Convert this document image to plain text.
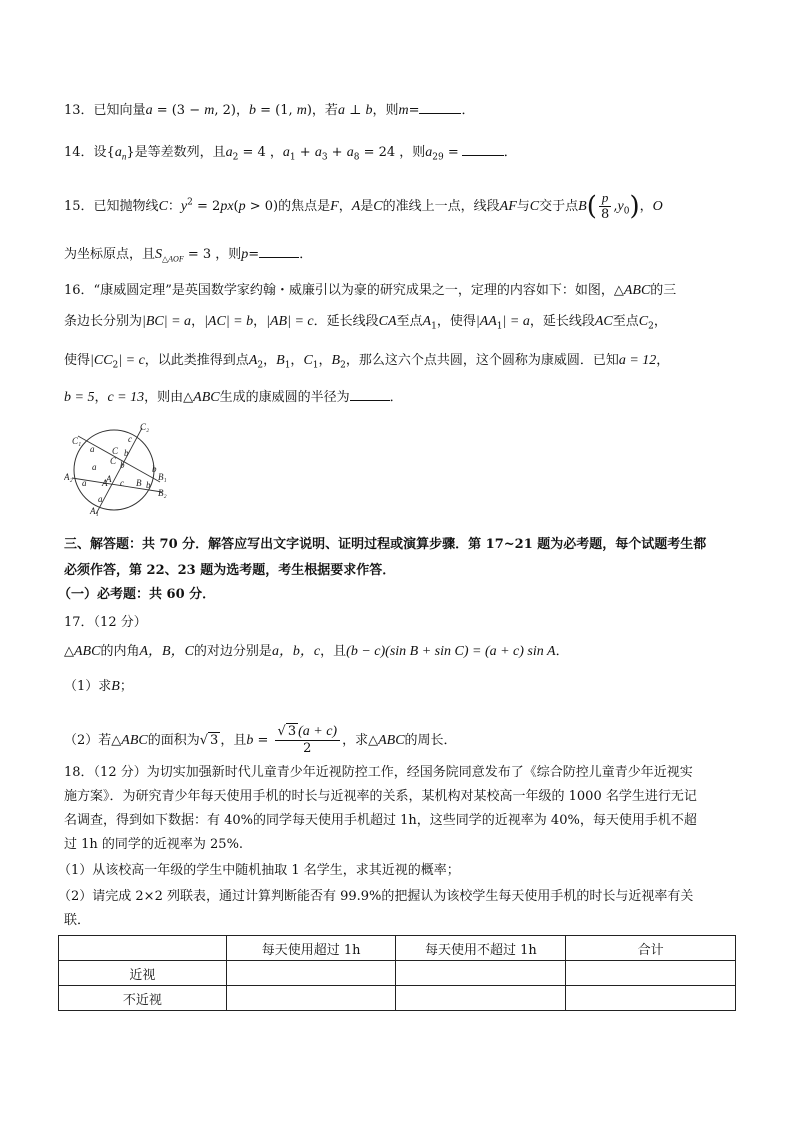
13．已知向量a = (3 − m, 2)，b = (1, m)，若a ⊥ b，则m=	．
14．设$\{a_n\}$是等差数列，且$a_2 = 4$ ，$a_1 + a_3 + a_8 = 24$ ，则$a_{29}$ =	．
15．已知抛物线C：$y^2 = 2px(p > 0)$的焦点是F，A是C的准线上一点，线段AF与C交于点$B( \frac{p}{8} ,y_0)$，O
为坐标原点，且$S_{\triangle AOF} = 3$ ，则p=	．
16．“康威圆定理”是英国数学家约翰・威廉引以为豪的研究成果之一，定理的内容如下：如图，△ABC的三
条边长分别为|BC| = a，|AC| = b，|AB| = c．延长线段CA至点$A_1$，使得$|AA_1| = a$，延长线段AC至点$C_2$，
使得$|CC_2| = c$，以此类推得到点$A_2$，$B_1$，$C_1$，$B_2$，那么这六个点共圆，这个圆称为康威圆．已知a = 12，
b = 5，c = 13，则由△ABC生成的康威圆的半径为	．
C₂
C₁	c
a C b
C
a	b
A c B b
B₁
A₂
A
a
B₂
A₁
a
b
三、解答题：共 70 分．解答应写出文字说明、证明过程或演算步骤．第 17~21 题为必考题，每个试题考生都
必须作答，第 22、23 题为选考题，考生根据要求作答．
（一）必考题：共 60 分．
17．（12 分）
△ABC的内角A，B，C的对边分别是a，b，c，且(b − c)(sin B + sin C) = (a + c) sin A．
（1）求B；
（2）若△ABC的面积为√ 3 ，且$b = \frac{√ 3 (a + c)}{2}$ ，求△ABC的周长．
18．（12 分）为切实加强新时代儿童青少年近视防控工作，经国务院同意发布了《综合防控儿童青少年近视实
施方案》．为研究青少年每天使用手机的时长与近视率的关系，某机构对某校高一年级的 1000 名学生进行无记
名调查，得到如下数据：有 40%的同学每天使用手机超过 1h，这些同学的近视率为 40%，每天使用手机不超
过 1h 的同学的近视率为 25%.
（1）从该校高一年级的学生中随机抽取 1 名学生，求其近视的概率；
（2）请完成 2×2 列联表，通过计算判断能否有 99.9%的把握认为该校学生每天使用手机的时长与近视率有关
联．
	每天使用超过 1h	每天使用不超过 1h	合计
近视			
不近视			
